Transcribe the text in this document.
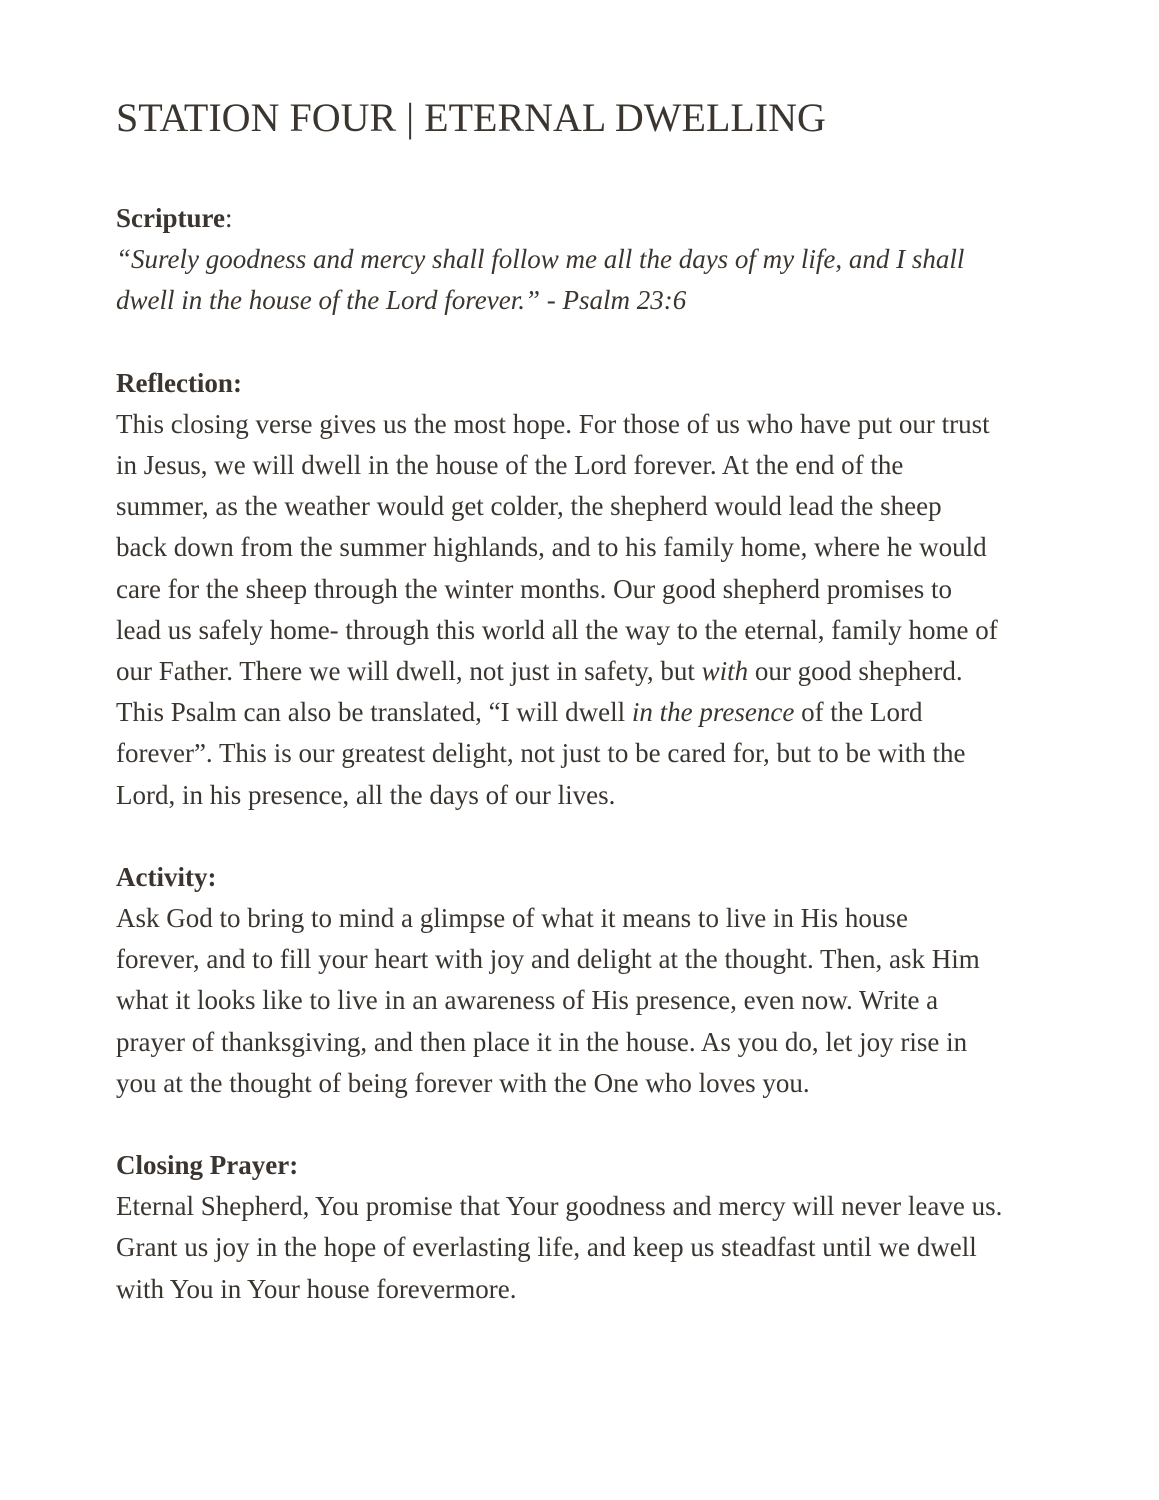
STATION FOUR | ETERNAL DWELLING
Scripture:
“Surely goodness and mercy shall follow me all the days of my life, and I shall
dwell in the house of the Lord forever.” - Psalm 23:6
Reflection:
This closing verse gives us the most hope. For those of us who have put our trust
in Jesus, we will dwell in the house of the Lord forever. At the end of the
summer, as the weather would get colder, the shepherd would lead the sheep
back down from the summer highlands, and to his family home, where he would
care for the sheep through the winter months. Our good shepherd promises to
lead us safely home- through this world all the way to the eternal, family home of
our Father. There we will dwell, not just in safety, but with our good shepherd.
This Psalm can also be translated, “I will dwell in the presence of the Lord
forever”. This is our greatest delight, not just to be cared for, but to be with the
Lord, in his presence, all the days of our lives.
Activity:
Ask God to bring to mind a glimpse of what it means to live in His house
forever, and to fill your heart with joy and delight at the thought. Then, ask Him
what it looks like to live in an awareness of His presence, even now. Write a
prayer of thanksgiving, and then place it in the house. As you do, let joy rise in
you at the thought of being forever with the One who loves you.
Closing Prayer:
Eternal Shepherd, You promise that Your goodness and mercy will never leave us.
Grant us joy in the hope of everlasting life, and keep us steadfast until we dwell
with You in Your house forevermore.
